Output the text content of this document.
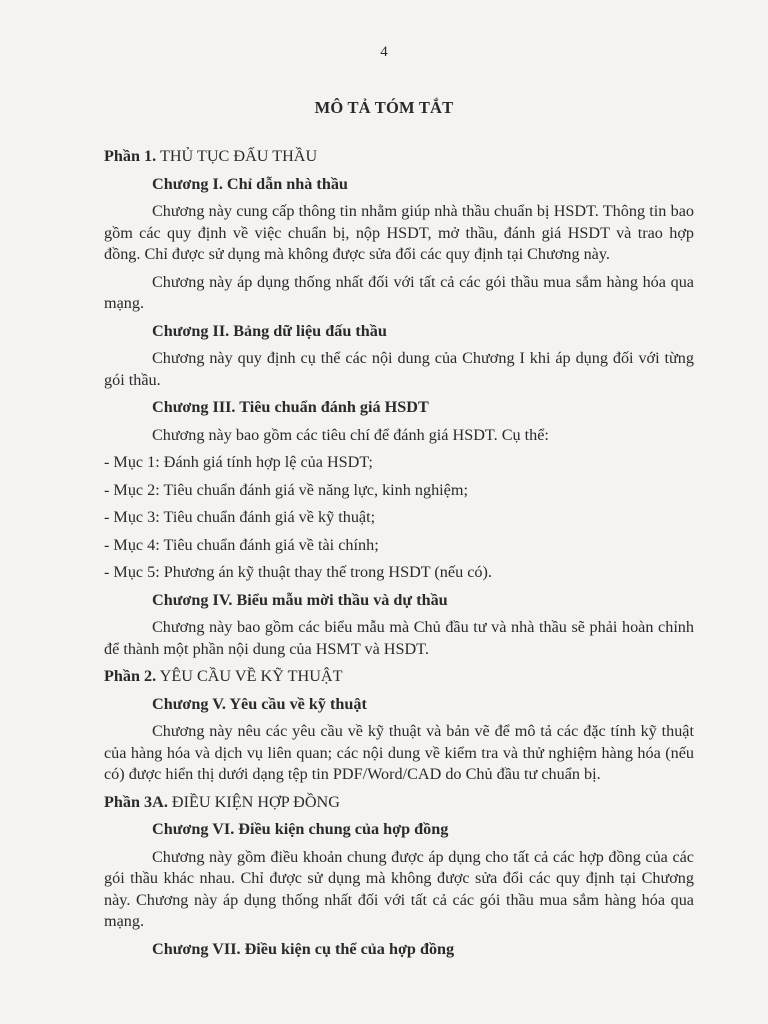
4
MÔ TẢ TÓM TẮT
Phần 1. THỦ TỤC ĐẤU THẦU
Chương I. Chỉ dẫn nhà thầu
Chương này cung cấp thông tin nhằm giúp nhà thầu chuẩn bị HSDT. Thông tin bao gồm các quy định về việc chuẩn bị, nộp HSDT, mở thầu, đánh giá HSDT và trao hợp đồng. Chỉ được sử dụng mà không được sửa đổi các quy định tại Chương này.
Chương này áp dụng thống nhất đối với tất cả các gói thầu mua sắm hàng hóa qua mạng.
Chương II. Bảng dữ liệu đấu thầu
Chương này quy định cụ thể các nội dung của Chương I khi áp dụng đối với từng gói thầu.
Chương III. Tiêu chuẩn đánh giá HSDT
Chương này bao gồm các tiêu chí để đánh giá HSDT. Cụ thể:
- Mục 1: Đánh giá tính hợp lệ của HSDT;
- Mục 2: Tiêu chuẩn đánh giá về năng lực, kinh nghiệm;
- Mục 3: Tiêu chuẩn đánh giá về kỹ thuật;
- Mục 4: Tiêu chuẩn đánh giá về tài chính;
- Mục 5: Phương án kỹ thuật thay thế trong HSDT (nếu có).
Chương IV. Biểu mẫu mời thầu và dự thầu
Chương này bao gồm các biểu mẫu mà Chủ đầu tư và nhà thầu sẽ phải hoàn chỉnh để thành một phần nội dung của HSMT và HSDT.
Phần 2. YÊU CẦU VỀ KỸ THUẬT
Chương V. Yêu cầu về kỹ thuật
Chương này nêu các yêu cầu về kỹ thuật và bản vẽ để mô tả các đặc tính kỹ thuật của hàng hóa và dịch vụ liên quan; các nội dung về kiểm tra và thử nghiệm hàng hóa (nếu có) được hiển thị dưới dạng tệp tin PDF/Word/CAD do Chủ đầu tư chuẩn bị.
Phần 3A. ĐIỀU KIỆN HỢP ĐỒNG
Chương VI. Điều kiện chung của hợp đồng
Chương này gồm điều khoản chung được áp dụng cho tất cả các hợp đồng của các gói thầu khác nhau. Chỉ được sử dụng mà không được sửa đổi các quy định tại Chương này. Chương này áp dụng thống nhất đối với tất cả các gói thầu mua sắm hàng hóa qua mạng.
Chương VII. Điều kiện cụ thể của hợp đồng
